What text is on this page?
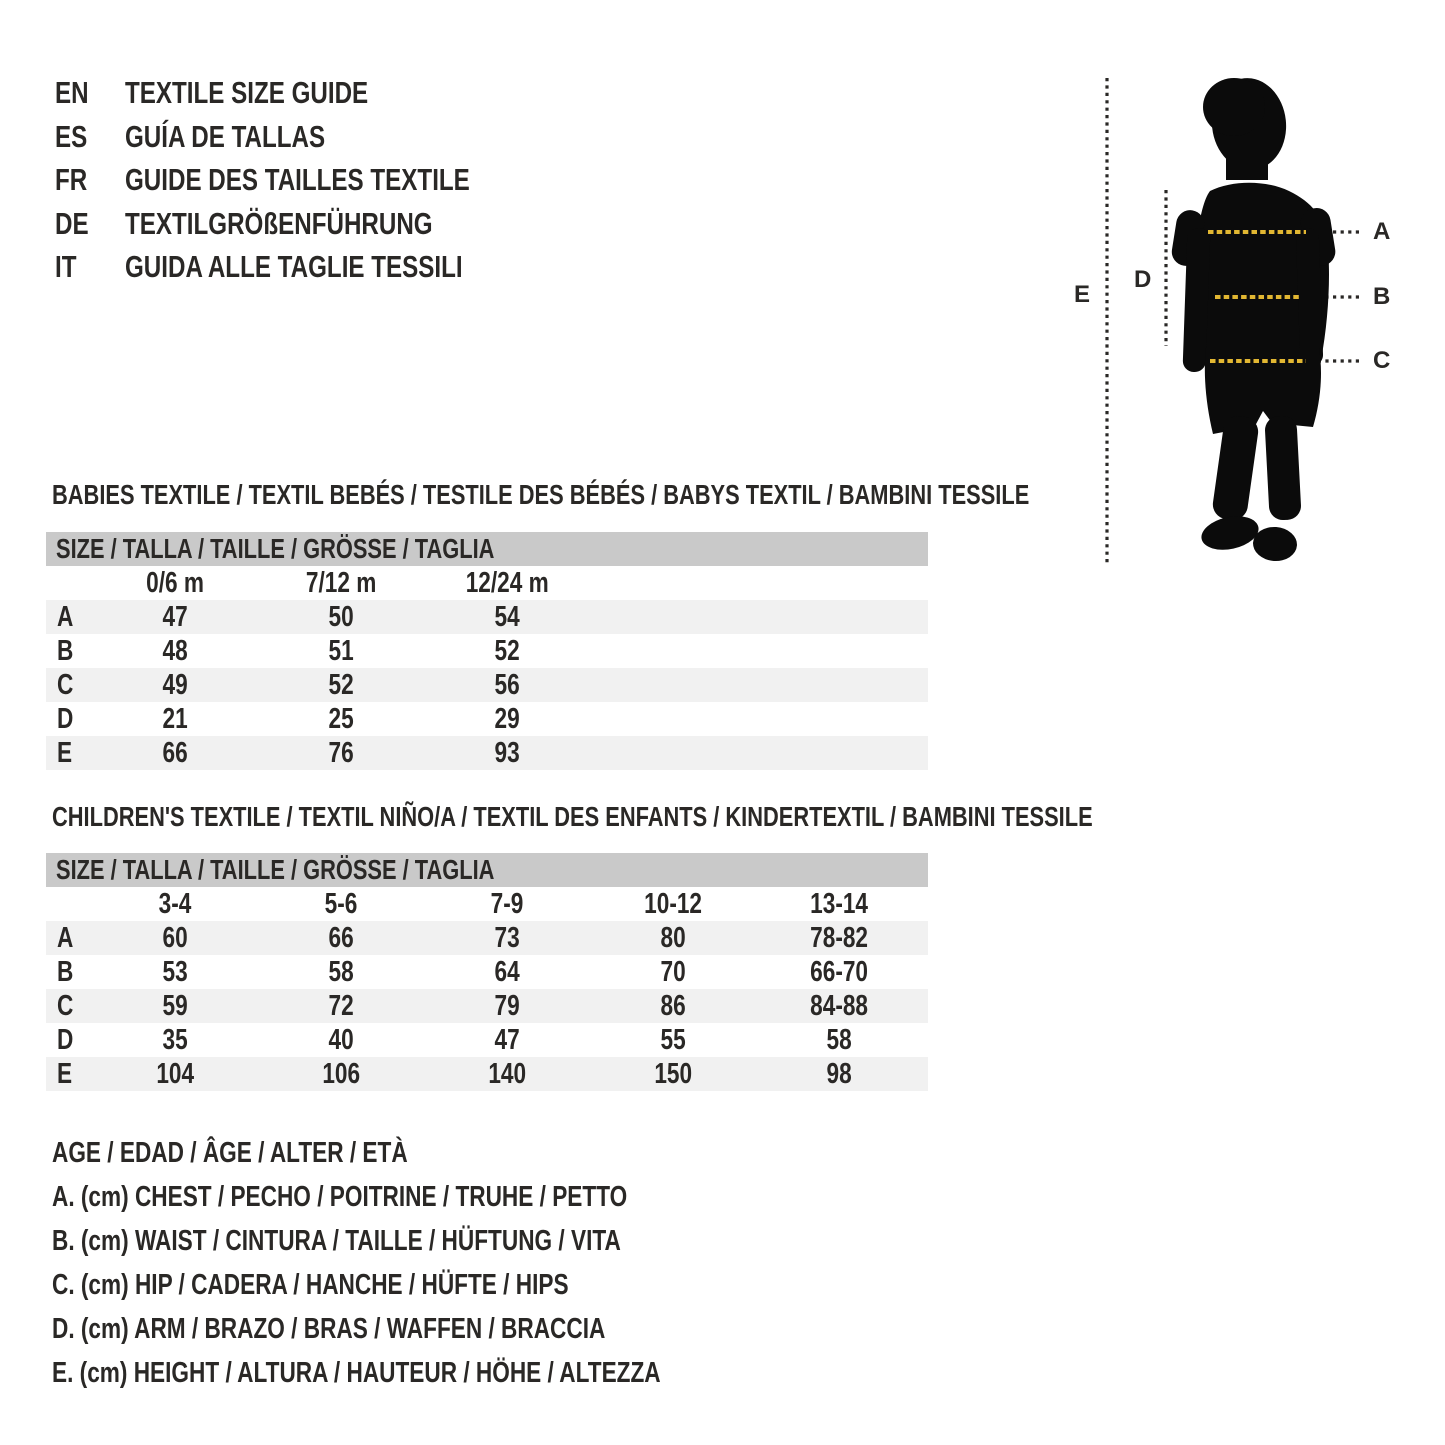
EN TEXTILE SIZE GUIDE
ES GUÍA DE TALLAS
FR GUIDE DES TAILLES TEXTILE
DE TEXTILGRÖßENFÜHRUNG
IT GUIDA ALLE TAGLIE TESSILI
A
B
C
D
E
BABIES TEXTILE / TEXTIL BEBÉS / TESTILE DES BÉBÉS / BABYS TEXTIL / BAMBINI TESSILE
SIZE / TALLA / TAILLE / GRÖSSE / TAGLIA
0/6 m	7/12 m	12/24 m
A	47	50	54
B	48	51	52
C	49	52	56
D	21	25	29
E	66	76	93
CHILDREN'S TEXTILE / TEXTIL NIÑO/A / TEXTIL DES ENFANTS / KINDERTEXTIL / BAMBINI TESSILE
SIZE / TALLA / TAILLE / GRÖSSE / TAGLIA
3-4	5-6	7-9	10-12	13-14
A	60	66	73	80	78-82
B	53	58	64	70	66-70
C	59	72	79	86	84-88
D	35	40	47	55	58
E	104	106	140	150	98
AGE / EDAD / ÂGE / ALTER / ETÀ
A. (cm) CHEST / PECHO / POITRINE / TRUHE / PETTO
B. (cm) WAIST / CINTURA / TAILLE / HÜFTUNG / VITA
C. (cm) HIP / CADERA / HANCHE / HÜFTE / HIPS
D. (cm) ARM / BRAZO / BRAS / WAFFEN / BRACCIA
E. (cm) HEIGHT / ALTURA / HAUTEUR / HÖHE / ALTEZZA
